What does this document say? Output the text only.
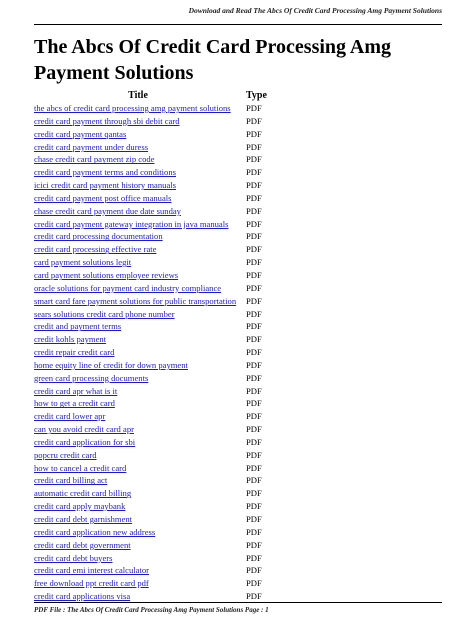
Download and Read The Abcs Of Credit Card Processing Amg Payment Solutions
The Abcs Of Credit Card Processing Amg Payment Solutions
Title	Type
the abcs of credit card processing amg payment solutions	PDF
credit card payment through sbi debit card	PDF
credit card payment qantas	PDF
credit card payment under duress	PDF
chase credit card payment zip code	PDF
credit card payment terms and conditions	PDF
icici credit card payment history manuals	PDF
credit card payment post office manuals	PDF
chase credit card payment due date sunday	PDF
credit card payment gateway integration in java manuals	PDF
credit card processing documentation	PDF
credit card processing effective rate	PDF
card payment solutions legit	PDF
card payment solutions employee reviews	PDF
oracle solutions for payment card industry compliance	PDF
smart card fare payment solutions for public transportation	PDF
sears solutions credit card phone number	PDF
credit and payment terms	PDF
credit kohls payment	PDF
credit repair credit card	PDF
home equity line of credit for down payment	PDF
green card processing documents	PDF
credit card apr what is it	PDF
how to get a credit card	PDF
credit card lower apr	PDF
can you avoid credit card apr	PDF
credit card application for sbi	PDF
popcru credit card	PDF
how to cancel a credit card	PDF
credit card billing act	PDF
automatic credit card billing	PDF
credit card apply maybank	PDF
credit card debt garnishment	PDF
credit card application new address	PDF
credit card debt government	PDF
credit card debt buyers	PDF
credit card emi interest calculator	PDF
free download ppt credit card pdf	PDF
credit card applications visa	PDF
PDF File : The Abcs Of Credit Card Processing Amg Payment Solutions Page : 1
